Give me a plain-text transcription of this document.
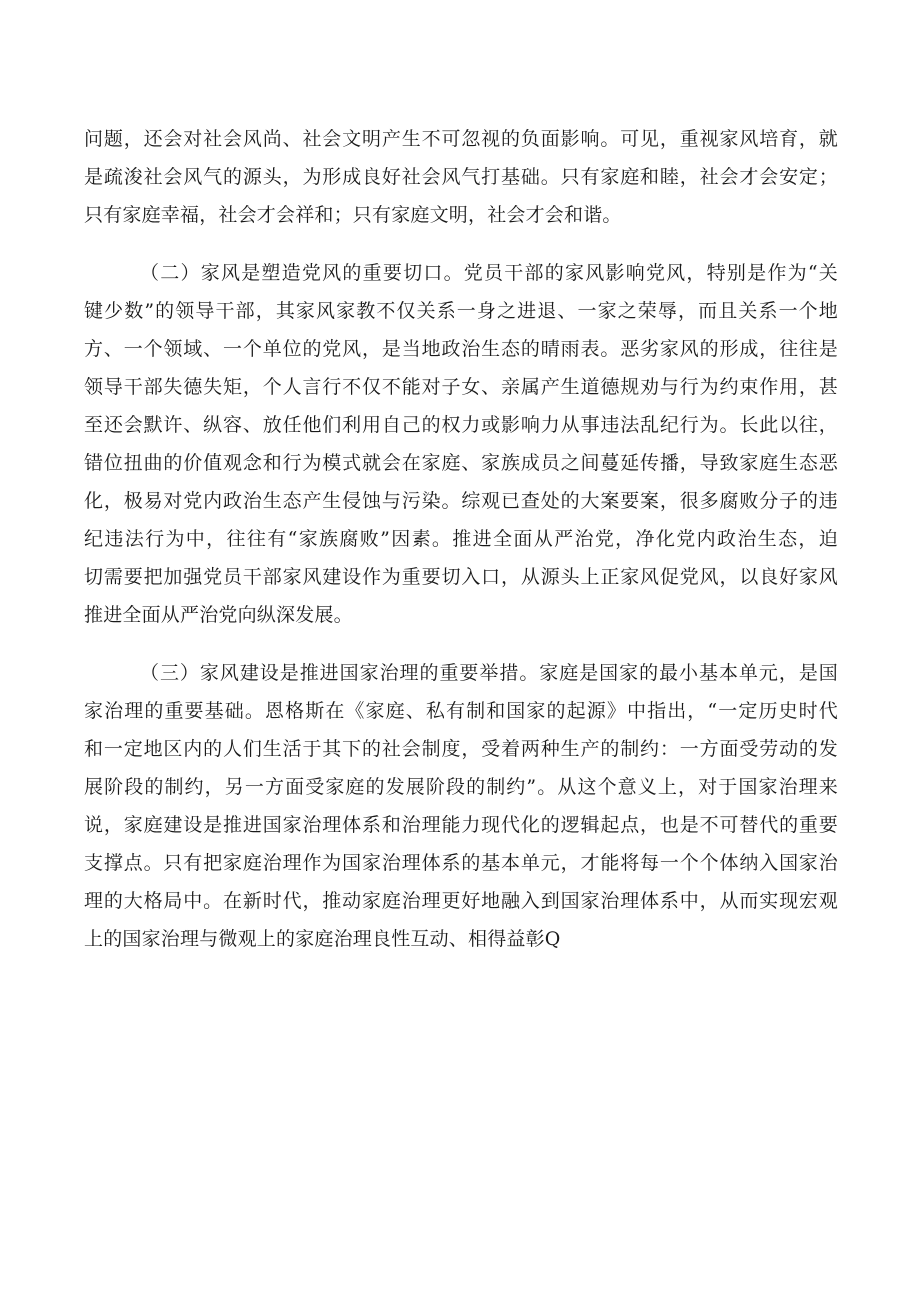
问题，还会对社会风尚、社会文明产生不可忽视的负面影响。可见，重视家风培育，就
是疏浚社会风气的源头，为形成良好社会风气打基础。只有家庭和睦，社会才会安定；
只有家庭幸福，社会才会祥和；只有家庭文明，社会才会和谐。
（二）家风是塑造党风的重要切口。党员干部的家风影响党风，特别是作为“关
键少数”的领导干部，其家风家教不仅关系一身之进退、一家之荣辱，而且关系一个地
方、一个领域、一个单位的党风，是当地政治生态的晴雨表。恶劣家风的形成，往往是
领导干部失德失矩，个人言行不仅不能对子女、亲属产生道德规劝与行为约束作用，甚
至还会默许、纵容、放任他们利用自己的权力或影响力从事违法乱纪行为。长此以往，
错位扭曲的价值观念和行为模式就会在家庭、家族成员之间蔓延传播，导致家庭生态恶
化，极易对党内政治生态产生侵蚀与污染。综观已查处的大案要案，很多腐败分子的违
纪违法行为中，往往有“家族腐败”因素。推进全面从严治党，净化党内政治生态，迫
切需要把加强党员干部家风建设作为重要切入口，从源头上正家风促党风，以良好家风
推进全面从严治党向纵深发展。
（三）家风建设是推进国家治理的重要举措。家庭是国家的最小基本单元，是国
家治理的重要基础。恩格斯在《家庭、私有制和国家的起源》中指出，“一定历史时代
和一定地区内的人们生活于其下的社会制度，受着两种生产的制约：一方面受劳动的发
展阶段的制约，另一方面受家庭的发展阶段的制约”。从这个意义上，对于国家治理来
说，家庭建设是推进国家治理体系和治理能力现代化的逻辑起点，也是不可替代的重要
支撑点。只有把家庭治理作为国家治理体系的基本单元，才能将每一个个体纳入国家治
理的大格局中。在新时代，推动家庭治理更好地融入到国家治理体系中，从而实现宏观
上的国家治理与微观上的家庭治理良性互动、相得益彰Q
